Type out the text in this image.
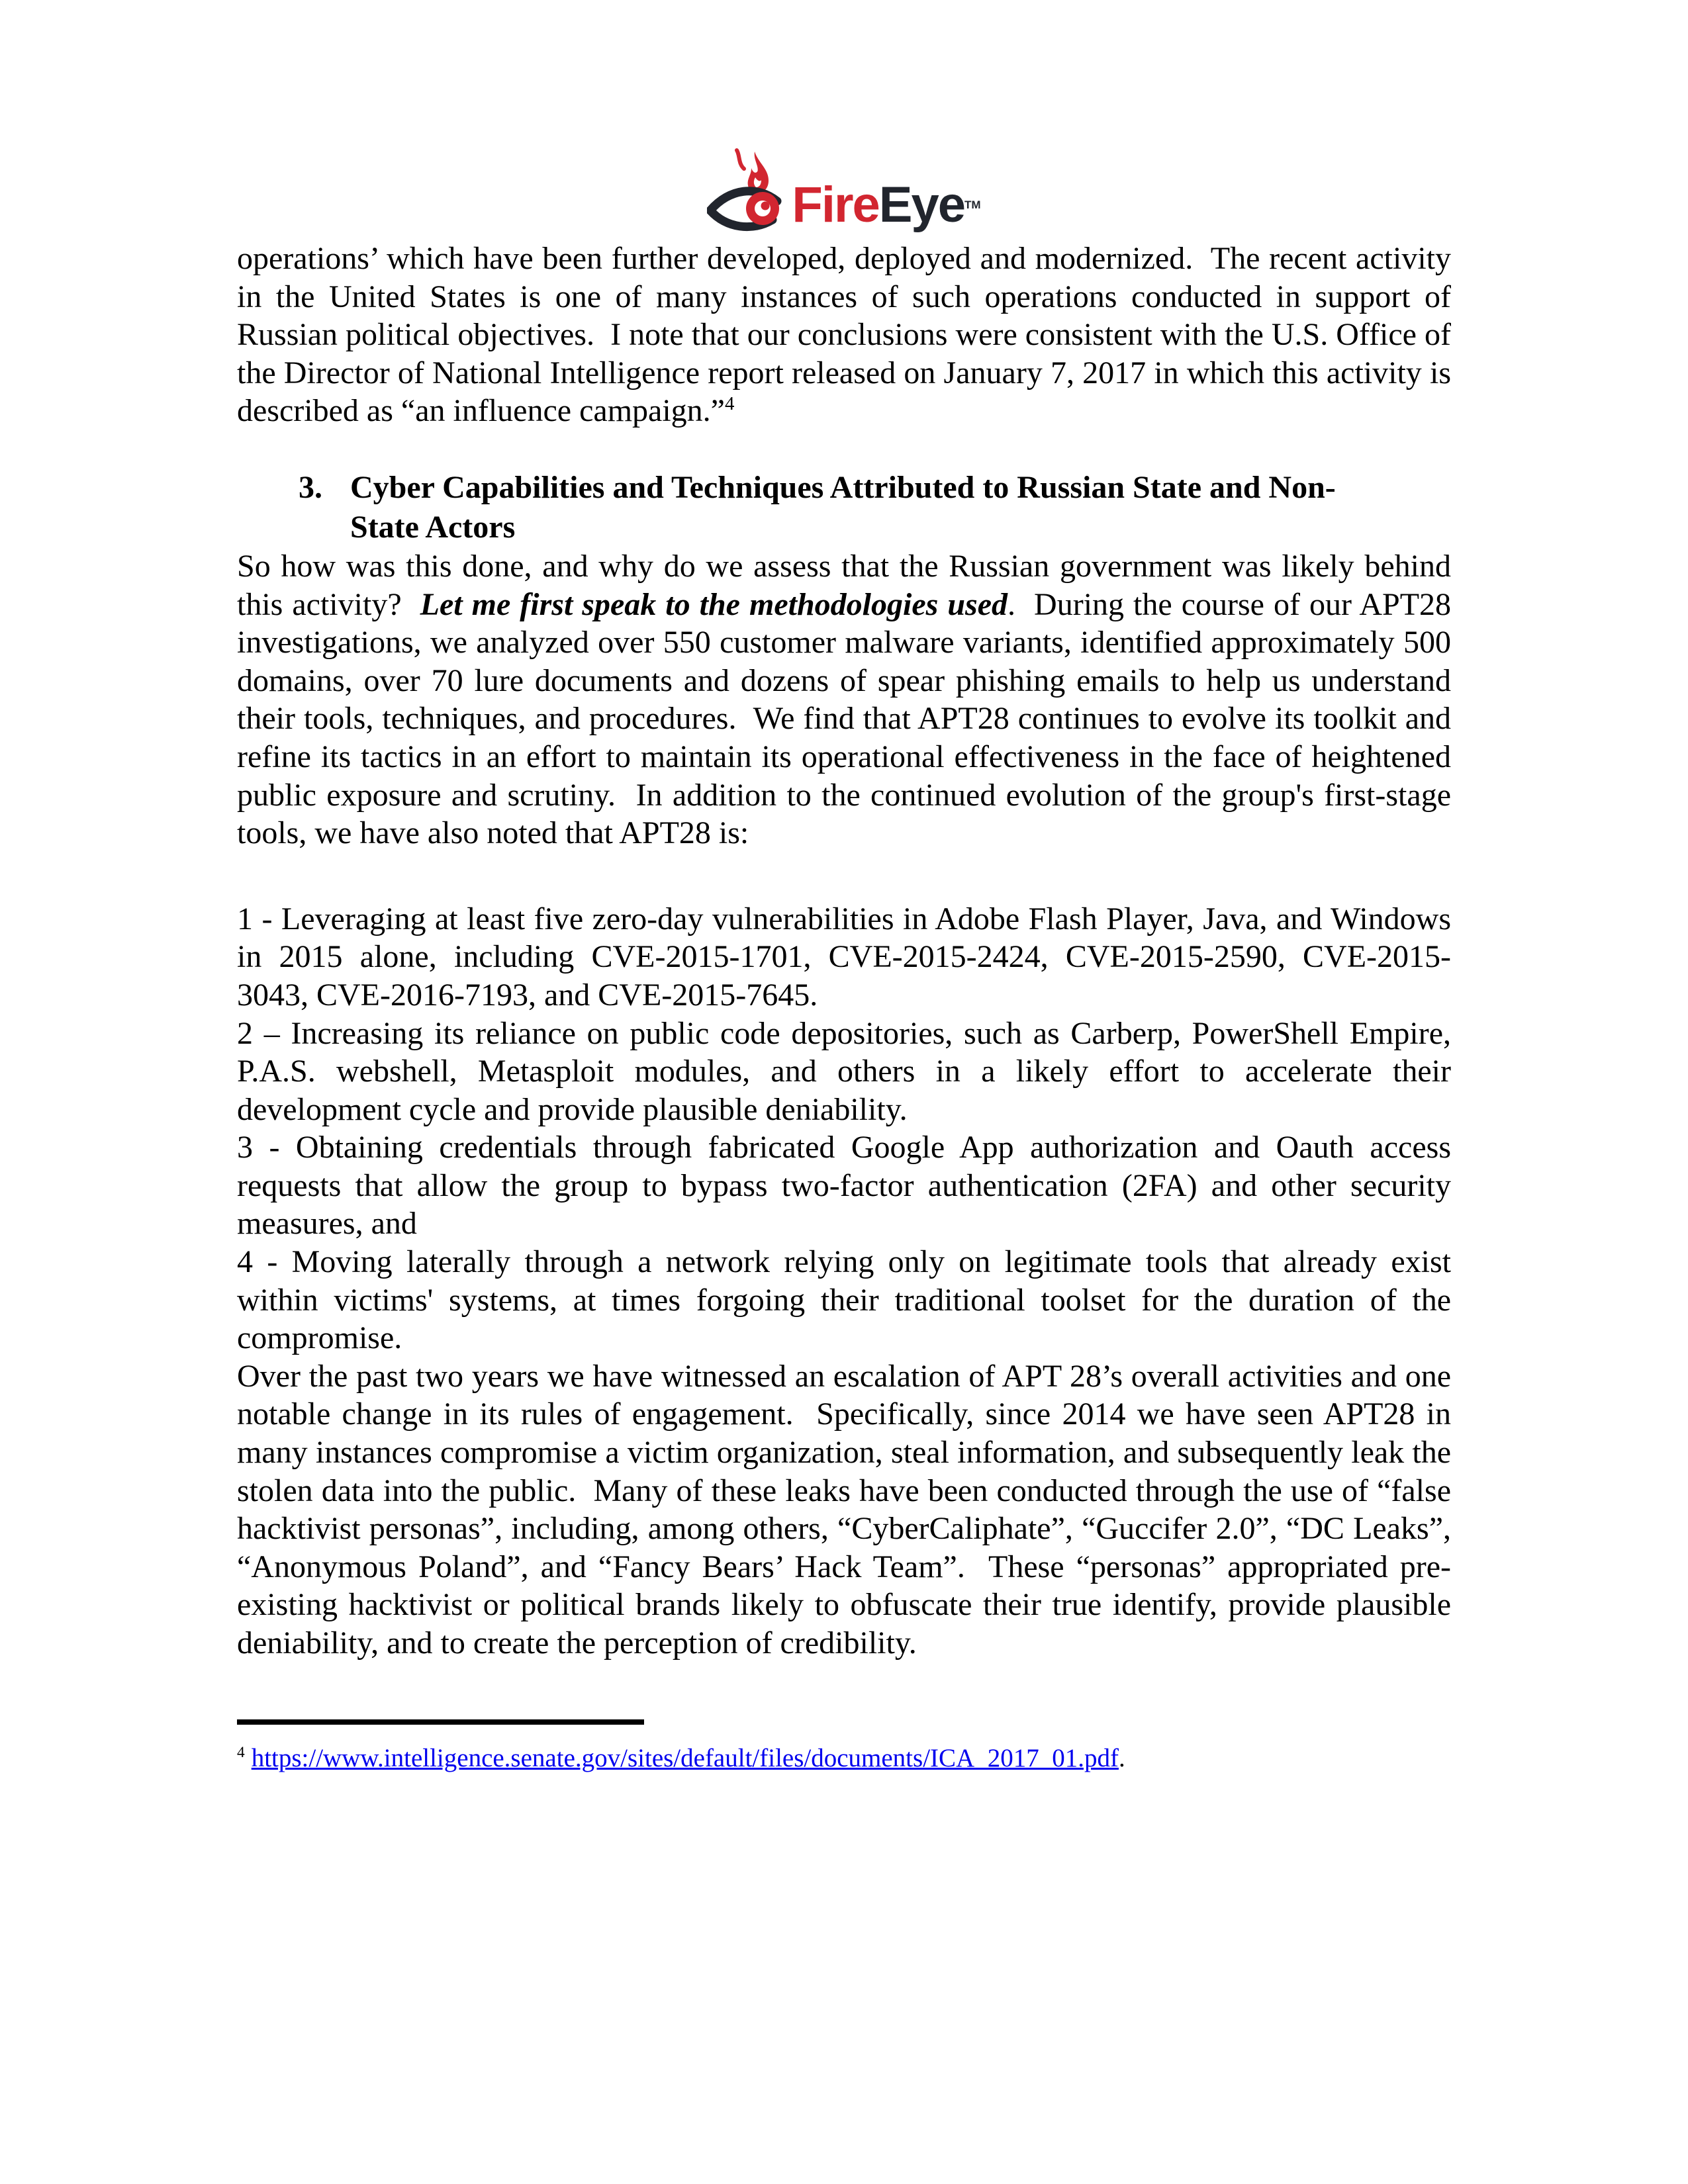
Fire Eye TM

operations’ which have been further developed, deployed and modernized.  The recent activity in the United States is one of many instances of such operations conducted in support of Russian political objectives.  I note that our conclusions were consistent with the U.S. Office of the Director of National Intelligence report released on January 7, 2017 in which this activity is described as “an influence campaign.”$^4$

3. Cyber Capabilities and Techniques Attributed to Russian State and Non-
State Actors

So how was this done, and why do we assess that the Russian government was likely behind this activity?  Let me first speak to the methodologies used.  During the course of our APT28 investigations, we analyzed over 550 customer malware variants, identified approximately 500 domains, over 70 lure documents and dozens of spear phishing emails to help us understand their tools, techniques, and procedures.  We find that APT28 continues to evolve its toolkit and refine its tactics in an effort to maintain its operational effectiveness in the face of heightened public exposure and scrutiny.  In addition to the continued evolution of the group's first-stage tools, we have also noted that APT28 is:

1 - Leveraging at least five zero-day vulnerabilities in Adobe Flash Player, Java, and Windows in 2015 alone, including CVE-2015-1701, CVE-2015-2424, CVE-2015-2590, CVE-2015-3043, CVE-2016-7193, and CVE-2015-7645.

2 – Increasing its reliance on public code depositories, such as Carberp, PowerShell Empire, P.A.S. webshell, Metasploit modules, and others in a likely effort to accelerate their development cycle and provide plausible deniability.

3 - Obtaining credentials through fabricated Google App authorization and Oauth access requests that allow the group to bypass two-factor authentication (2FA) and other security measures, and

4 - Moving laterally through a network relying only on legitimate tools that already exist within victims' systems, at times forgoing their traditional toolset for the duration of the compromise.

Over the past two years we have witnessed an escalation of APT 28’s overall activities and one notable change in its rules of engagement.  Specifically, since 2014 we have seen APT28 in many instances compromise a victim organization, steal information, and subsequently leak the stolen data into the public.  Many of these leaks have been conducted through the use of “false hacktivist personas”, including, among others, “CyberCaliphate”, “Guccifer 2.0”, “DC Leaks”, “Anonymous Poland”, and “Fancy Bears’ Hack Team”.  These “personas” appropriated pre-existing hacktivist or political brands likely to obfuscate their true identify, provide plausible deniability, and to create the perception of credibility.

$^4$ https://www.intelligence.senate.gov/sites/default/files/documents/ICA_2017_01.pdf.
